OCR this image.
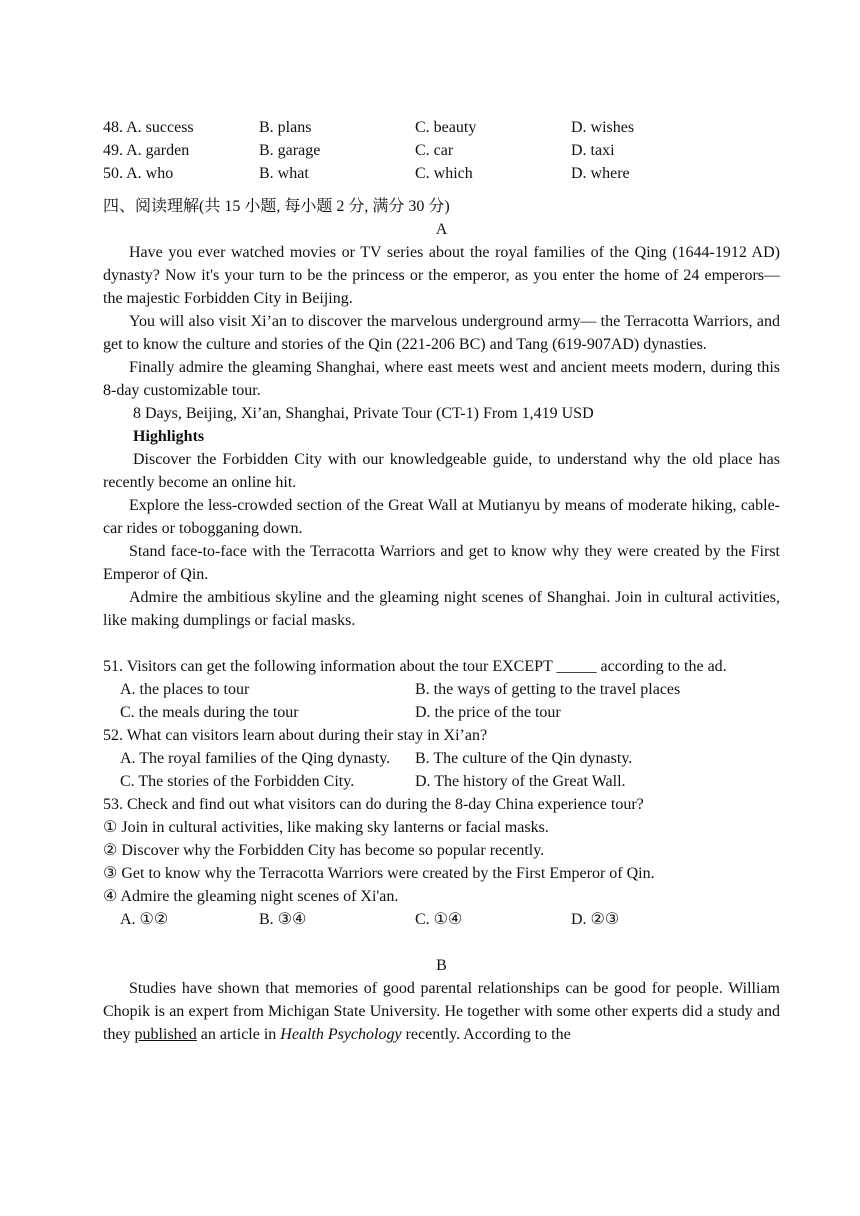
48. A. success	B. plans	C. beauty	D. wishes
49. A. garden	B. garage	C. car	D. taxi
50. A. who	B. what	C. which	D. where
四、阅读理解(共 15 小题, 每小题 2 分, 满分 30 分)
A

Have you ever watched movies or TV series about the royal families of the Qing (1644-1912 AD) dynasty? Now it's your turn to be the princess or the emperor, as you enter the home of 24 emperors— the majestic Forbidden City in Beijing.

You will also visit Xi’an to discover the marvelous underground army— the Terracotta Warriors, and get to know the culture and stories of the Qin (221-206 BC) and Tang (619-907AD) dynasties.

Finally admire the gleaming Shanghai, where east meets west and ancient meets modern, during this 8-day customizable tour.

8 Days, Beijing, Xi’an, Shanghai, Private Tour (CT-1) From 1,419 USD

Highlights

Discover the Forbidden City with our knowledgeable guide, to understand why the old place has recently become an online hit.

Explore the less-crowded section of the Great Wall at Mutianyu by means of moderate hiking, cable-car rides or tobogganing down.

Stand face-to-face with the Terracotta Warriors and get to know why they were created by the First Emperor of Qin.

Admire the ambitious skyline and the gleaming night scenes of Shanghai. Join in cultural activities, like making dumplings or facial masks.

51. Visitors can get the following information about the tour EXCEPT _____ according to the ad.

A. the places to tour	B. the ways of getting to the travel places
C. the meals during the tour	D. the price of the tour

52. What can visitors learn about during their stay in Xi’an?

A. The royal families of the Qing dynasty.	B. The culture of the Qin dynasty.
C. The stories of the Forbidden City.	D. The history of the Great Wall.

53. Check and find out what visitors can do during the 8-day China experience tour?

① Join in cultural activities, like making sky lanterns or facial masks.
② Discover why the Forbidden City has become so popular recently.
③ Get to know why the Terracotta Warriors were created by the First Emperor of Qin.
④ Admire the gleaming night scenes of Xi'an.
A. ①②	B. ③④	C. ①④	D. ②③
B

Studies have shown that memories of good parental relationships can be good for people. William Chopik is an expert from Michigan State University. He together with some other experts did a study and they published an article in Health Psychology recently. According to the
